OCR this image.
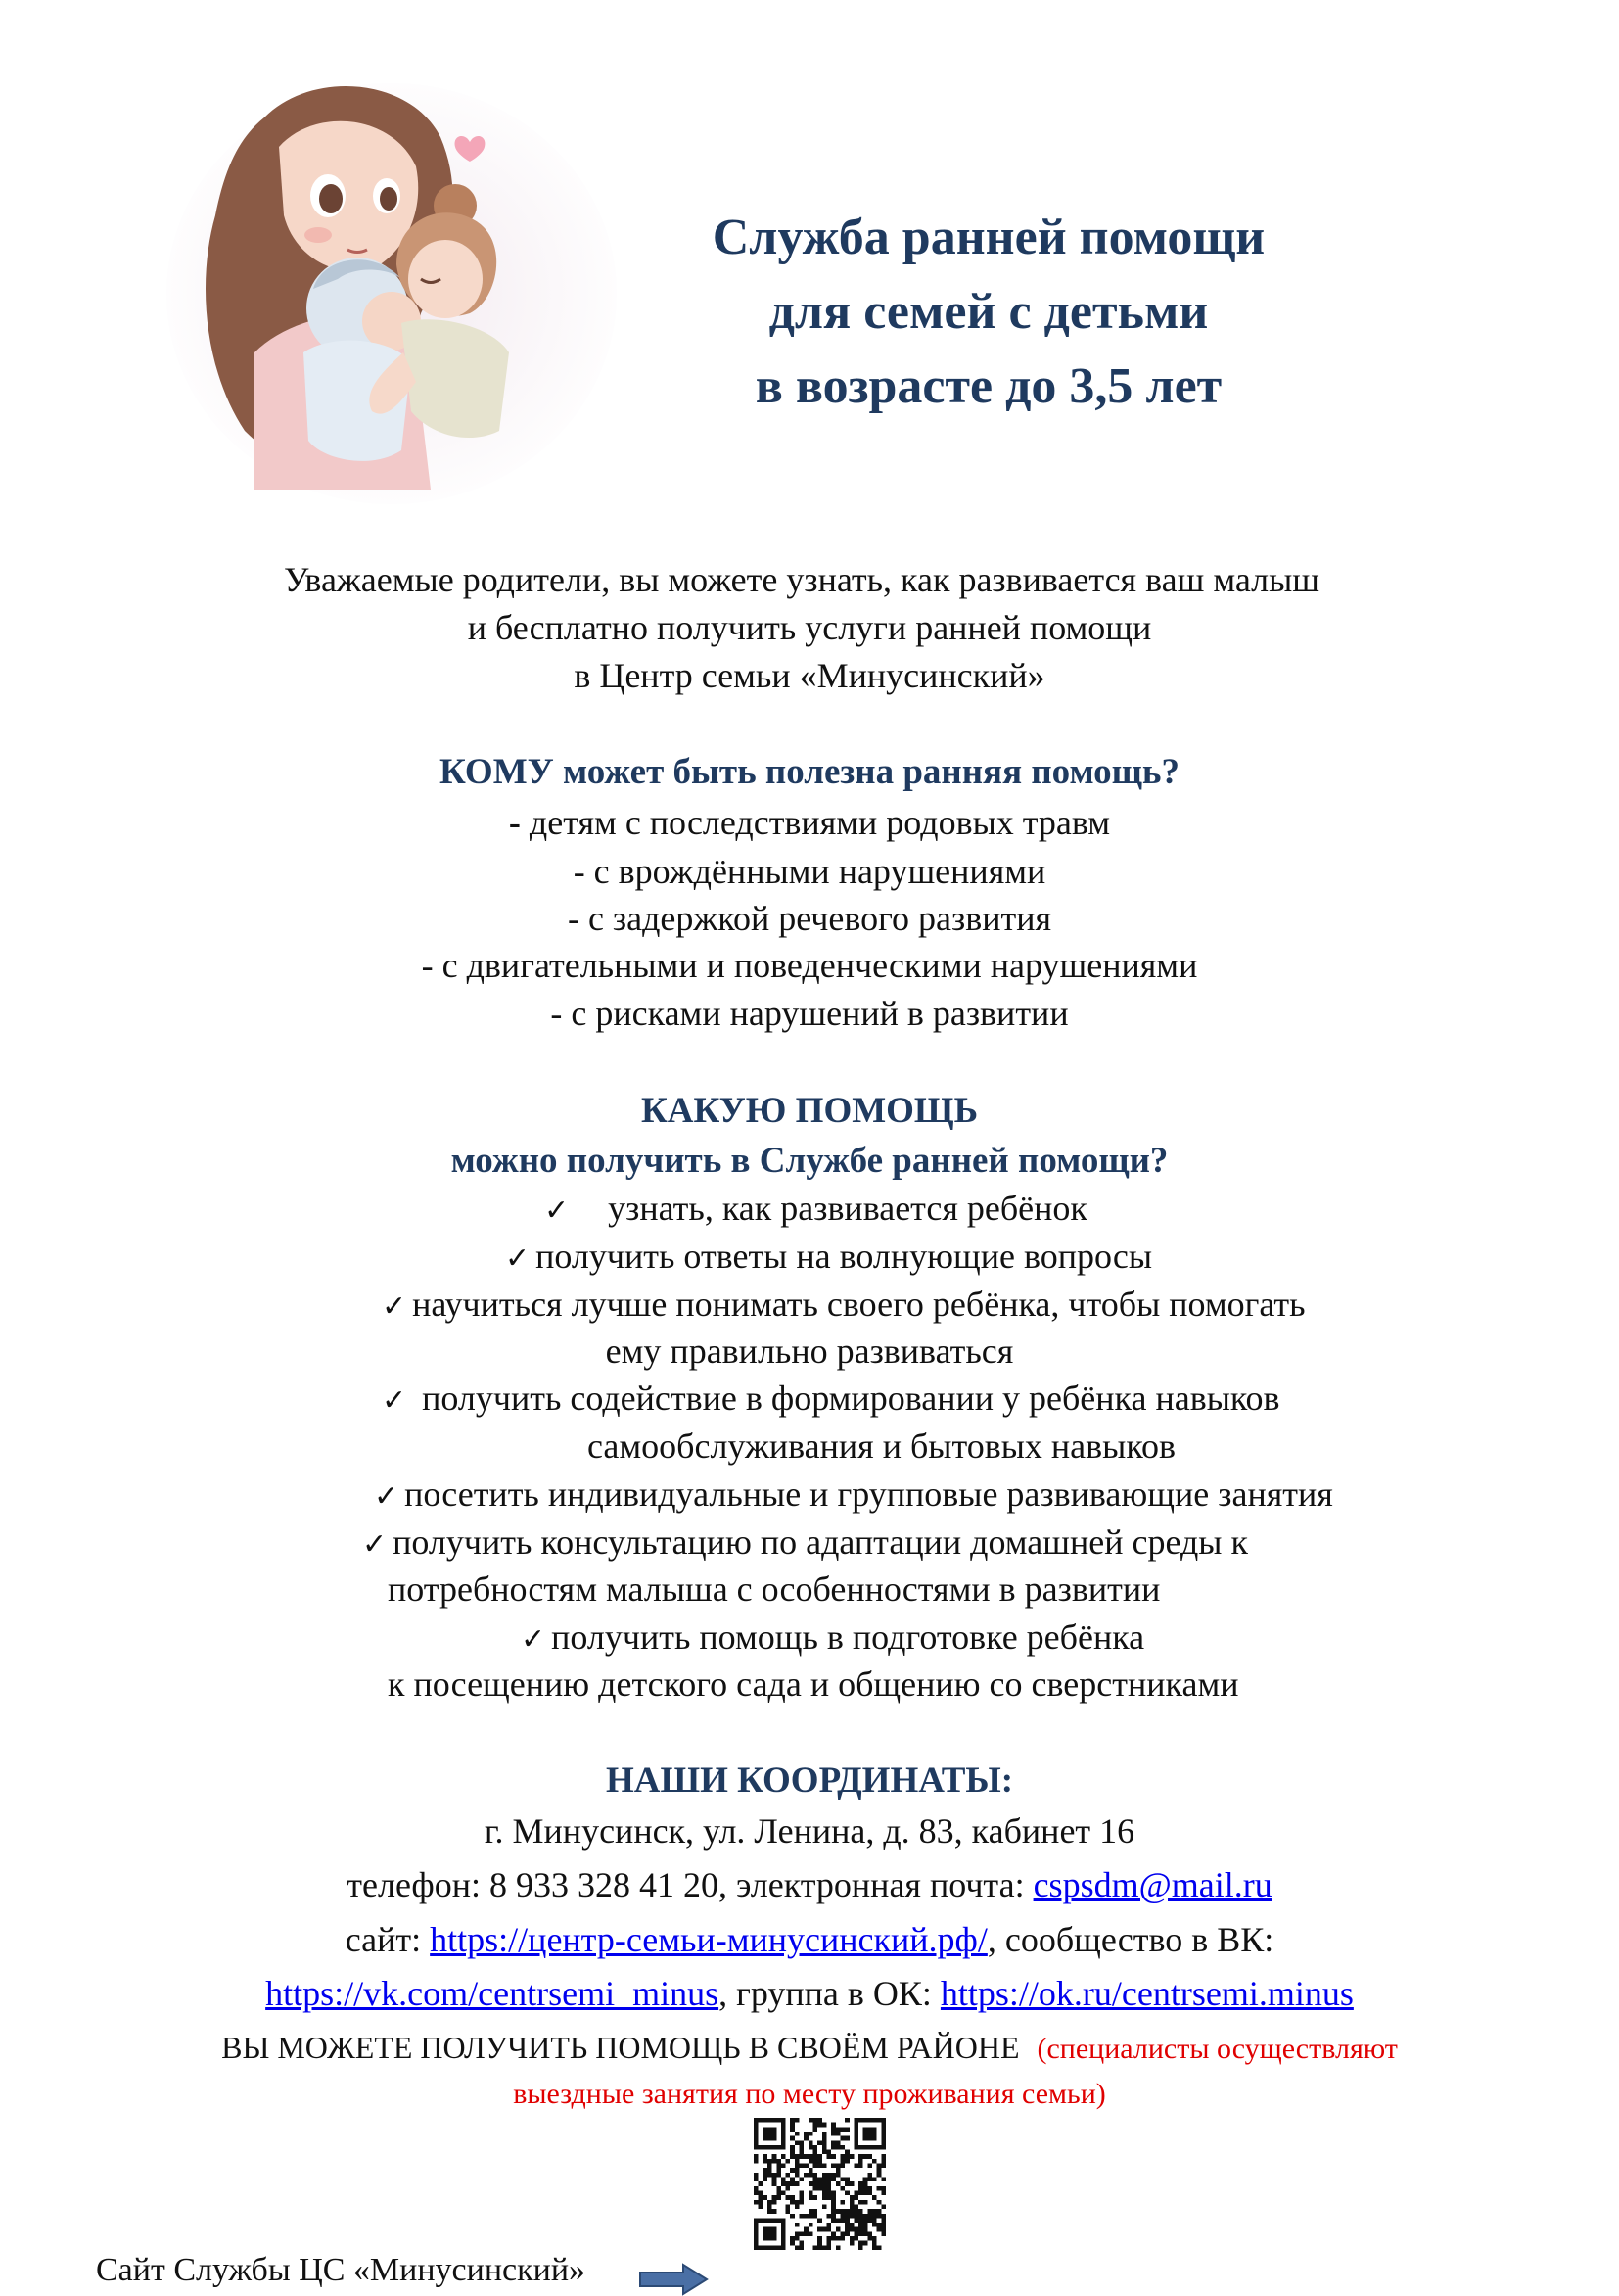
Служба ранней помощи
для семей с детьми
в возрасте до 3,5 лет
Уважаемые родители, вы можете узнать, как развивается ваш малыш
и бесплатно получить услуги ранней помощи
в Центр семьи «Минусинский»
КОМУ может быть полезна ранняя помощь?
- детям с последствиями родовых травм
- с врождёнными нарушениями
- с задержкой речевого развития
- с двигательными и поведенческими нарушениями
- с рисками нарушений в развитии
КАКУЮ ПОМОЩЬ
можно получить в Службе ранней помощи?
✓ узнать, как развивается ребёнок
✓ получить ответы на волнующие вопросы
✓ научиться лучше понимать своего ребёнка, чтобы помогать
ему правильно развиваться
✓ получить содействие в формировании у ребёнка навыков
самообслуживания и бытовых навыков
✓ посетить индивидуальные и групповые развивающие занятия
✓ получить консультацию по адаптации домашней среды к
потребностям малыша с особенностями в развитии
✓ получить помощь в подготовке ребёнка
к посещению детского сада и общению со сверстниками
НАШИ КООРДИНАТЫ:
г. Минусинск, ул. Ленина, д. 83, кабинет 16
телефон: 8 933 328 41 20, электронная почта: cspsdm@mail.ru
сайт: https://центр-семьи-минусинский.рф/, сообщество в ВК:
https://vk.com/centrsemi_minus, группа в ОК: https://ok.ru/centrsemi.minus
ВЫ МОЖЕТЕ ПОЛУЧИТЬ ПОМОЩЬ В СВОЁМ РАЙОНЕ (специалисты осуществляют
выездные занятия по месту проживания семьи)
Сайт Службы ЦС «Минусинский»
